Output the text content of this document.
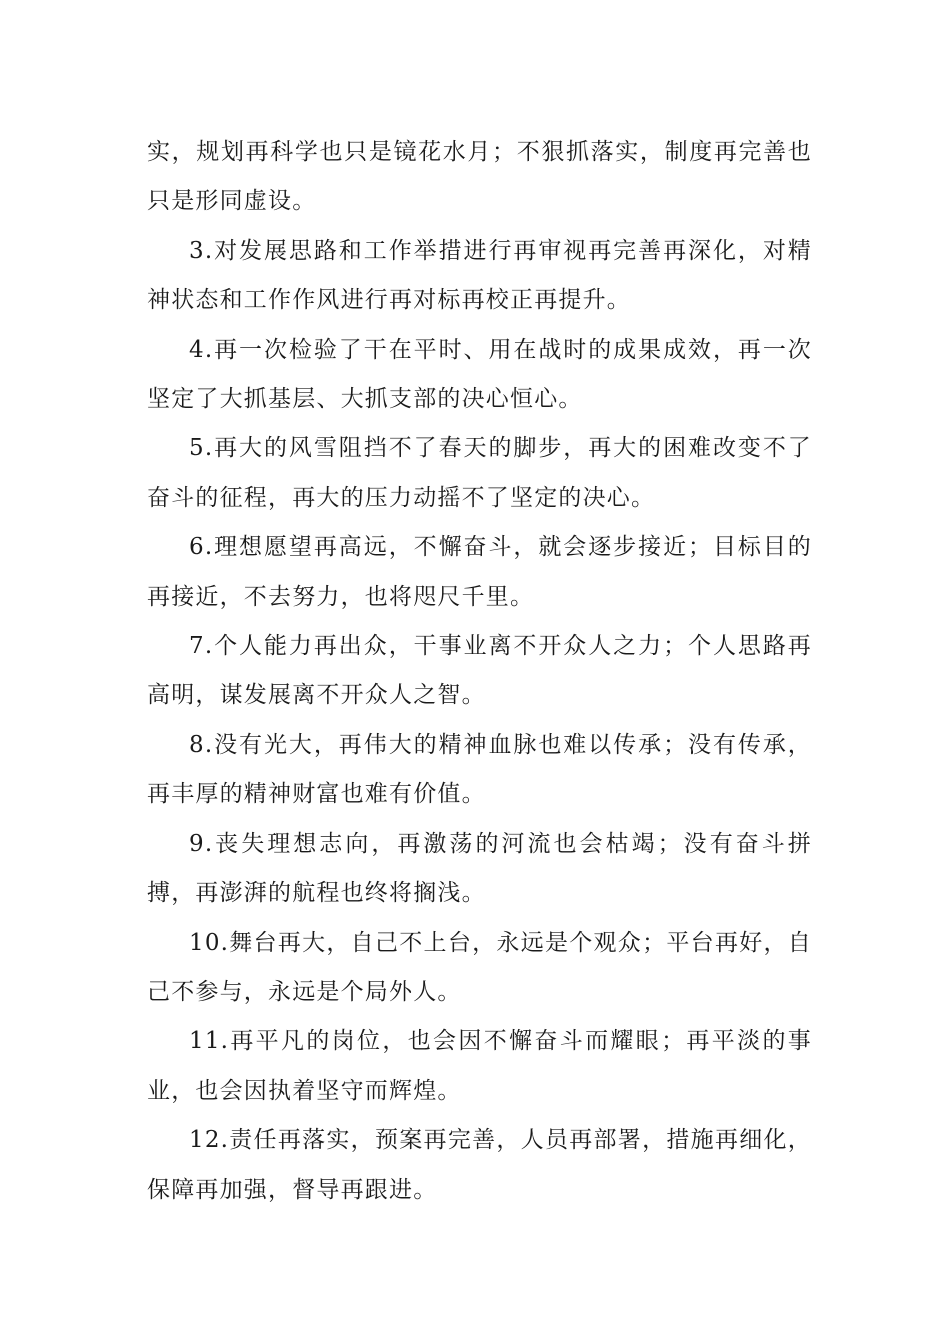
实，规划再科学也只是镜花水月；不狠抓落实，制度再完善也只是形同虚设。

3.对发展思路和工作举措进行再审视再完善再深化，对精神状态和工作作风进行再对标再校正再提升。

4.再一次检验了干在平时、用在战时的成果成效，再一次坚定了大抓基层、大抓支部的决心恒心。

5.再大的风雪阻挡不了春天的脚步，再大的困难改变不了奋斗的征程，再大的压力动摇不了坚定的决心。

6.理想愿望再高远，不懈奋斗，就会逐步接近；目标目的再接近，不去努力，也将咫尺千里。

7.个人能力再出众，干事业离不开众人之力；个人思路再高明，谋发展离不开众人之智。

8.没有光大，再伟大的精神血脉也难以传承；没有传承，再丰厚的精神财富也难有价值。

9.丧失理想志向，再激荡的河流也会枯竭；没有奋斗拼搏，再澎湃的航程也终将搁浅。

10.舞台再大，自己不上台，永远是个观众；平台再好，自己不参与，永远是个局外人。

11.再平凡的岗位，也会因不懈奋斗而耀眼；再平淡的事业，也会因执着坚守而辉煌。

12.责任再落实，预案再完善，人员再部署，措施再细化，保障再加强，督导再跟进。
